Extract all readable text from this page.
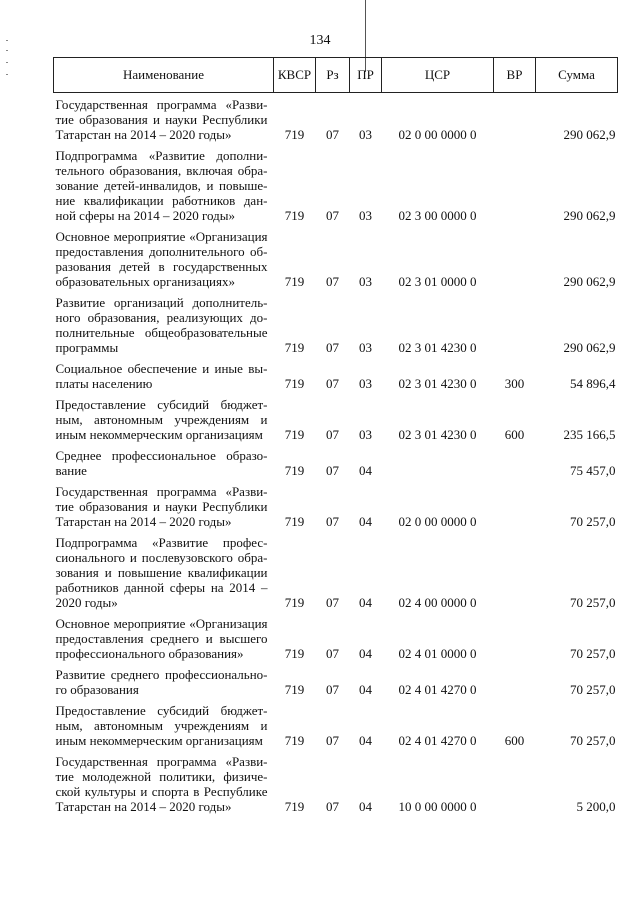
134
Наименование	КВСР	Рз	ПР	ЦСР	ВР	Сумма
Государственная программа «Разви-тие образования и науки Республики Татарстан на 2014 – 2020 годы»	719	07	03	02 0 00 0000 0		290 062,9
Подпрограмма «Развитие дополни-тельного образования, включая обра-зование детей-инвалидов, и повыше-ние квалификации работников дан-ной сферы на 2014 – 2020 годы»	719	07	03	02 3 00 0000 0		290 062,9
Основное мероприятие «Организация предоставления дополнительного об-разования детей в государственных образовательных организациях»	719	07	03	02 3 01 0000 0		290 062,9
Развитие организаций дополнитель-ного образования, реализующих до-полнительные общеобразовательные программы	719	07	03	02 3 01 4230 0		290 062,9
Социальное обеспечение и иные вы-платы населению	719	07	03	02 3 01 4230 0	300	54 896,4
Предоставление субсидий бюджет-ным, автономным учреждениям и иным некоммерческим организациям	719	07	03	02 3 01 4230 0	600	235 166,5
Среднее профессиональное образо-вание	719	07	04			75 457,0
Государственная программа «Разви-тие образования и науки Республики Татарстан на 2014 – 2020 годы»	719	07	04	02 0 00 0000 0		70 257,0
Подпрограмма «Развитие профес-сионального и послевузовского обра-зования и повышение квалификации работников данной сферы на 2014 – 2020 годы»	719	07	04	02 4 00 0000 0		70 257,0
Основное мероприятие «Организация предоставления среднего и высшего профессионального образования»	719	07	04	02 4 01 0000 0		70 257,0
Развитие среднего профессионально-го образования	719	07	04	02 4 01 4270 0		70 257,0
Предоставление субсидий бюджет-ным, автономным учреждениям и иным некоммерческим организациям	719	07	04	02 4 01 4270 0	600	70 257,0
Государственная программа «Разви-тие молодежной политики, физиче-ской культуры и спорта в Республике Татарстан на 2014 – 2020 годы»	719	07	04	10 0 00 0000 0		5 200,0
